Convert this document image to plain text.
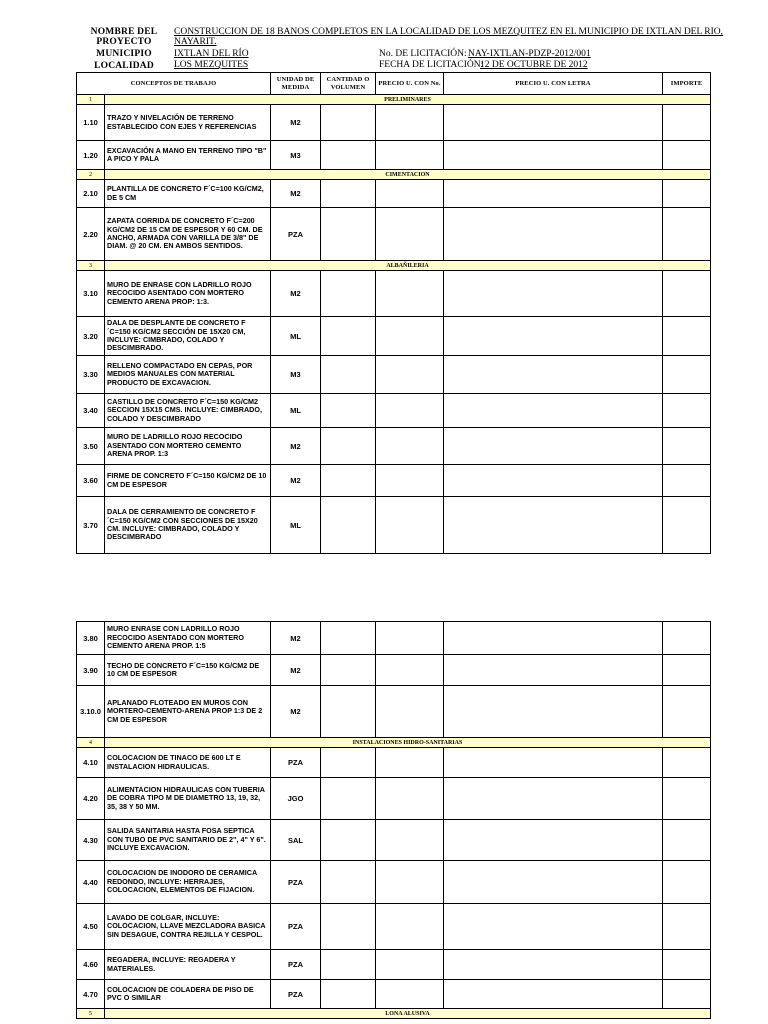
NOMBRE DEL PROYECTO
CONSTRUCCION DE 18 BANOS COMPLETOS EN LA LOCALIDAD DE LOS MEZQUITEZ EN EL MUNICIPIO DE IXTLAN DEL RIO,
NAYARIT.
MUNICIPIO	IXTLAN DEL RÍO	No. DE LICITACIÓN: NAY-IXTLAN-PDZP-2012/001
LOCALIDAD	LOS MEZQUITES	FECHA DE LICITACIÓN:
12 DE OCTUBRE DE 2012
CONCEPTOS DE TRABAJO		UNIDAD DE MEDIDA	CANTIDAD O VOLUMEN	PRECIO U. CON No.	PRECIO U. CON LETRA	IMPORTE
1	PRELIMINARES					
1.10	TRAZO Y NIVELACIÓN DE TERRENO ESTABLECIDO CON EJES Y REFERENCIAS	M2				
1.20	EXCAVACIÓN A MANO EN TERRENO TIPO "B" A PICO Y PALA	M3				
2	CIMENTACION					
2.10	PLANTILLA DE CONCRETO F´C=100 KG/CM2, DE 5 CM	M2				
2.20	ZAPATA CORRIDA DE CONCRETO F´C=200 KG/CM2 DE 15 CM DE ESPESOR Y 60 CM. DE ANCHO, ARMADA CON VARILLA DE 3/8" DE DIAM. @ 20 CM. EN AMBOS SENTIDOS.	PZA				
3	ALBAÑILERIA					
3.10	MURO DE ENRASE CON LADRILLO ROJO RECOCIDO ASENTADO CON MORTERO CEMENTO ARENA PROP: 1:3.	M2				
3.20	DALA DE DESPLANTE DE CONCRETO F´C=150 KG/CM2 SECCIÓN DE 15X20 CM, INCLUYE: CIMBRADO, COLADO Y DESCIMBRADO.	ML				
3.30	RELLENO COMPACTADO EN CEPAS, POR MEDIOS MANUALES CON MATERIAL PRODUCTO DE EXCAVACION.	M3				
3.40	CASTILLO DE CONCRETO F´C=150 KG/CM2 SECCION 15X15 CMS. INCLUYE: CIMBRADO, COLADO Y DESCIMBRADO	ML				
3.50	MURO DE LADRILLO ROJO RECOCIDO ASENTADO CON MORTERO CEMENTO ARENA PROP. 1:3	M2				
3.60	FIRME DE CONCRETO F´C=150 KG/CM2 DE 10 CM DE ESPESOR	M2				
3.70	DALA DE CERRAMIENTO DE CONCRETO F´C=150 KG/CM2 CON SECCIONES DE 15X20 CM. INCLUYE: CIMBRADO, COLADO Y DESCIMBRADO	ML				
3.80	MURO ENRASE CON LADRILLO ROJO RECOCIDO ASENTADO CON MORTERO CEMENTO ARENA PROP. 1:5	M2				
3.90	TECHO DE CONCRETO F´C=150 KG/CM2 DE 10 CM DE ESPESOR	M2				
3.10.0	APLANADO FLOTEADO EN MUROS CON MORTERO-CEMENTO-ARENA PROP 1:3 DE 2 CM DE ESPESOR	M2				
4	INSTALACIONES HIDRO-SANITARIAS					
4.10	COLOCACION DE TINACO DE 600 LT E INSTALACION HIDRAULICAS.	PZA				
4.20	ALIMENTACION HIDRAULICAS CON TUBERIA DE COBRA TIPO M DE DIAMETRO 13, 19, 32, 35, 38 Y 50 MM.	JGO				
4.30	SALIDA SANITARIA HASTA FOSA SEPTICA CON TUBO DE PVC SANITARIO DE 2", 4" Y 6". INCLUYE EXCAVACION.	SAL				
4.40	COLOCACION DE INODORO DE CERAMICA REDONDO, INCLUYE: HERRAJES, COLOCACION, ELEMENTOS DE FIJACION.	PZA				
4.50	LAVADO DE COLGAR, INCLUYE: COLOCACION, LLAVE MEZCLADORA BASICA SIN DESAGUE, CONTRA REJILLA Y CESPOL.	PZA				
4.60	REGADERA, INCLUYE: REGADERA Y MATERIALES.	PZA				
4.70	COLOCACION DE COLADERA DE PISO DE PVC O SIMILAR	PZA				
5	LONA ALUSIVA					
